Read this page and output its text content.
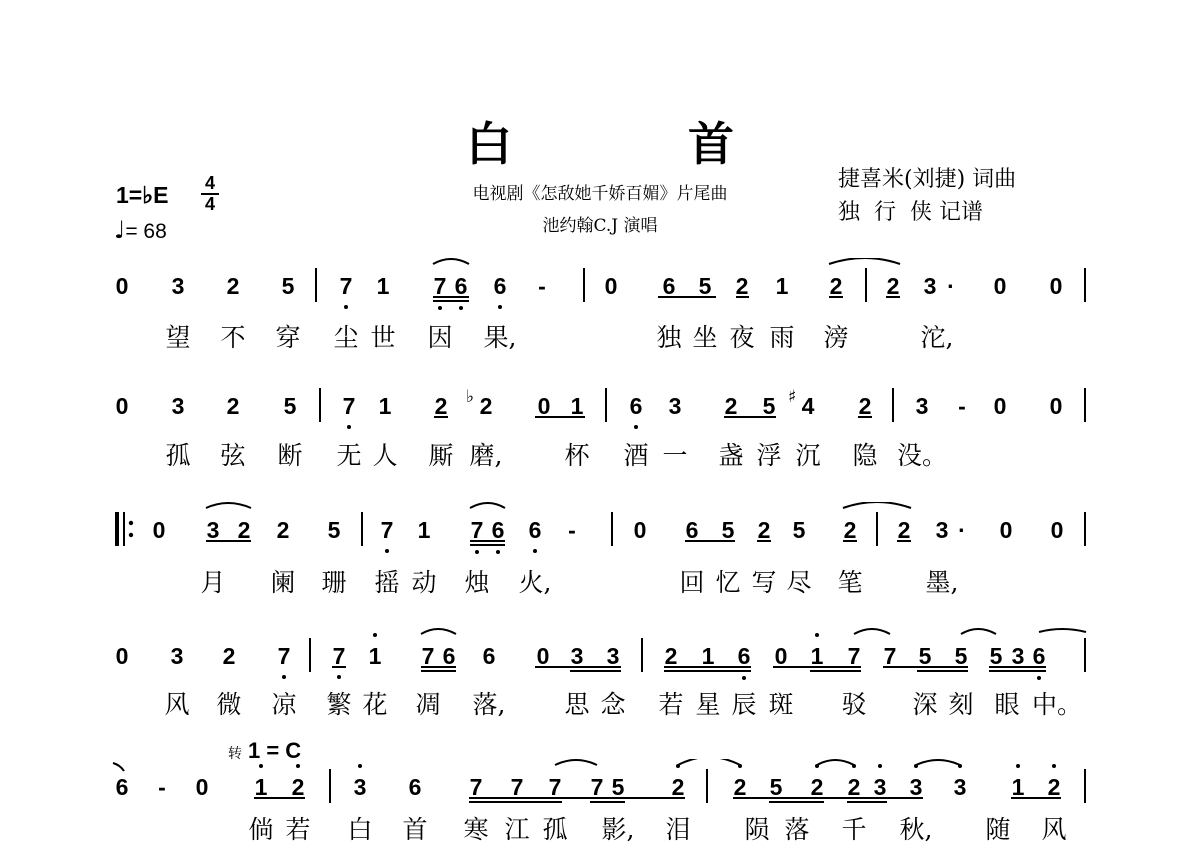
白 首
电视剧《怎敌她千娇百媚》片尾曲
池约翰C.J 演唱
捷喜米(刘捷) 词曲
独  行  侠 记谱
1=♭E 4
4
♩= 68
0 3 2 5 7 1 7 6 6 -	0 6 5 2 1 2 2 3 · 0 0
望 不 穿 尘 世 因 果,	独 坐 夜 雨 滂	沱,
0 3 2 5 7 1 2 2 0 1 6 3 2 5 4 2 3 - 0 0
♭	♯
孤 弦 断 无 人 厮 磨, 杯 酒 一 盏 浮 沉 隐 没。
0 3 2 2 5 7 1 7 6 6 -	0 6 5 2 5 2 2 3 · 0 0
月 阑 珊 摇 动 烛 火,	回 忆 写 尽 笔	墨,
0 3 2 7 7 1 7 6 6 0 3 3 2 1 6 0 1 7 7 5 5 5 3 6
风 微 凉 繁 花 凋 落, 思 念 若 星 辰 斑 驳 深 刻 眼 中。
转 1 = C
6 - 0 1 2 3 6 7 7 7 7 5 2 2 5 2 2 3 3 3 1 2
倘 若 白 首 寒 江 孤 影, 泪 陨 落 千 秋, 随 风
